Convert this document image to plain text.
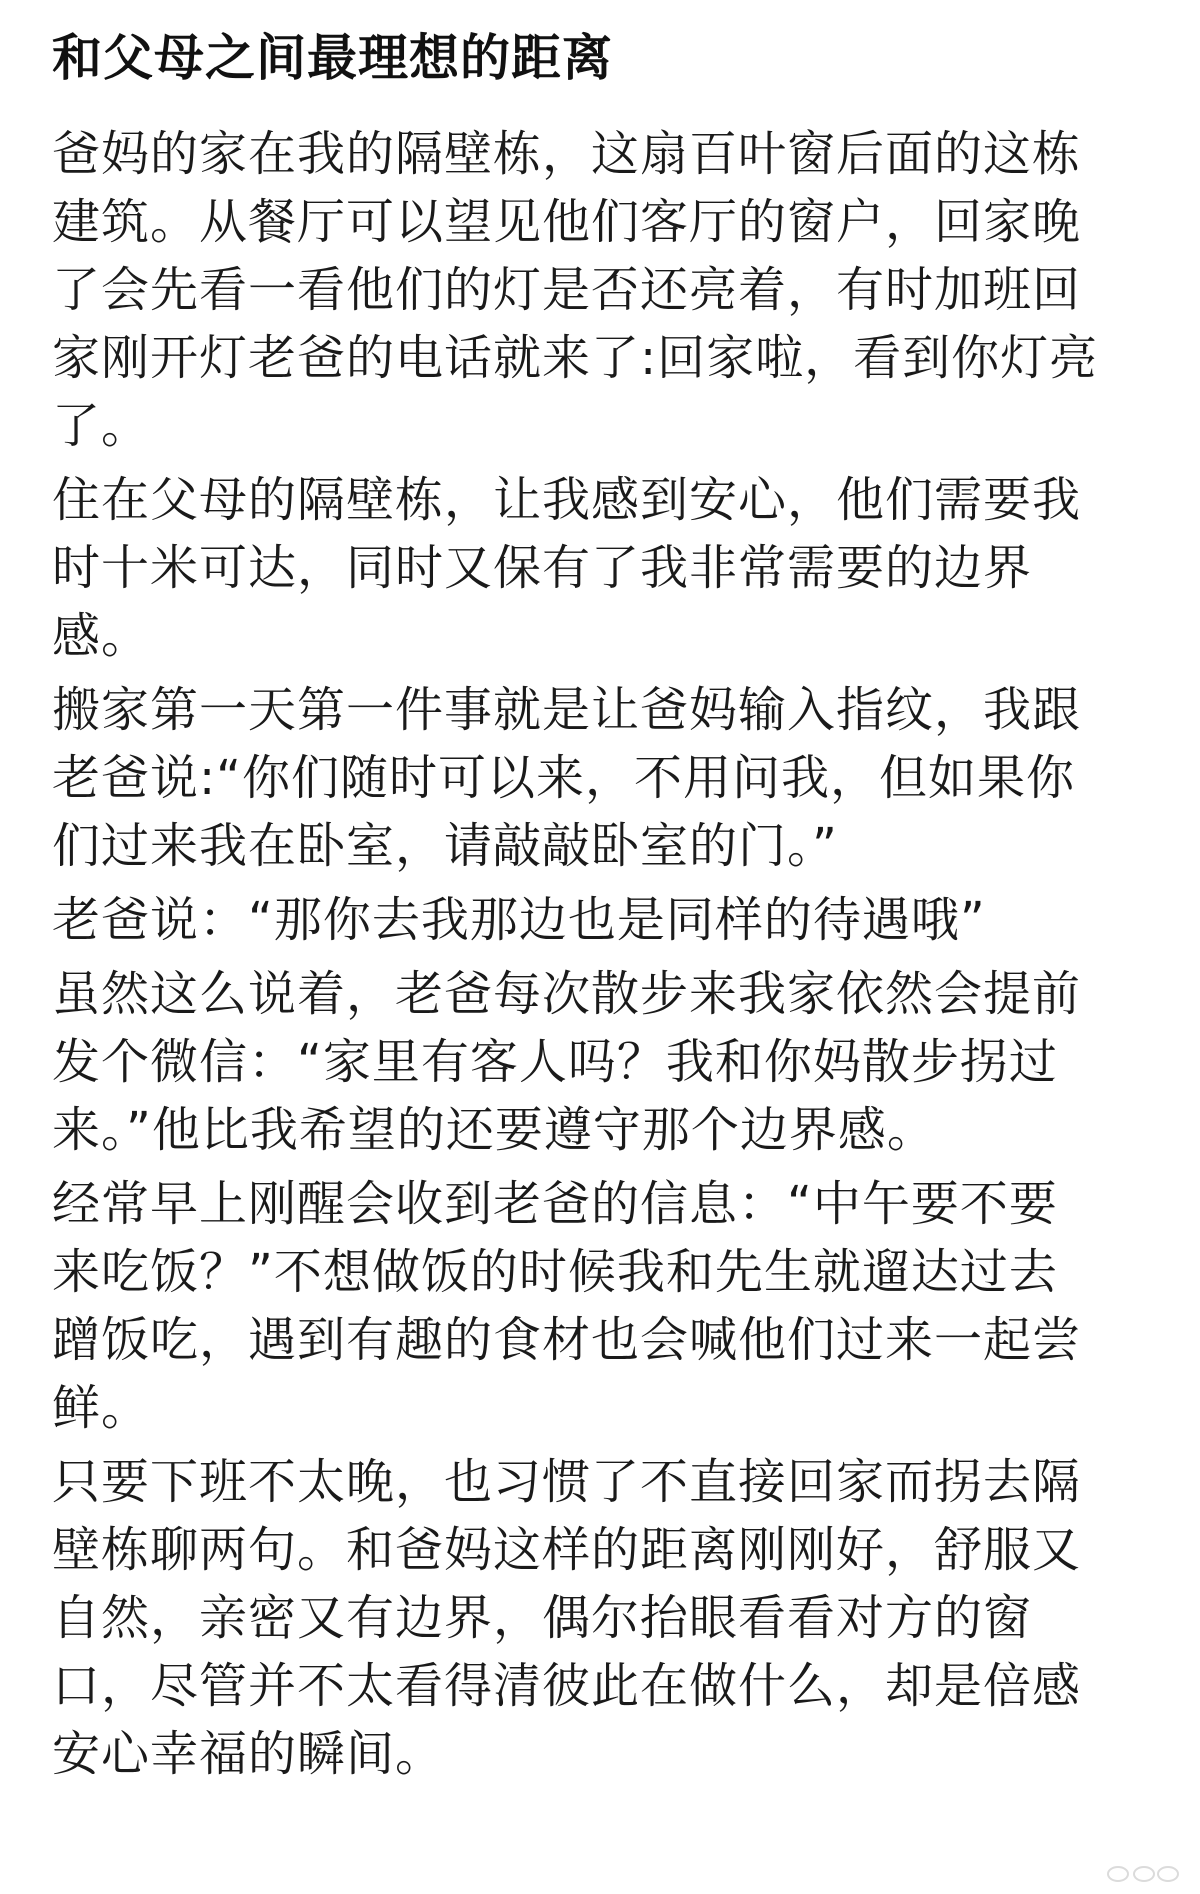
和父母之间最理想的距离

爸妈的家在我的隔壁栋，这扇百叶窗后面的这栋
建筑。从餐厅可以望见他们客厅的窗户，回家晚
了会先看一看他们的灯是否还亮着，有时加班回
家刚开灯老爸的电话就来了:回家啦，看到你灯亮
了。

住在父母的隔壁栋，让我感到安心，他们需要我
时十米可达，同时又保有了我非常需要的边界
感。

搬家第一天第一件事就是让爸妈输入指纹，我跟
老爸说:“你们随时可以来，不用问我，但如果你
们过来我在卧室，请敲敲卧室的门。”

老爸说：“那你去我那边也是同样的待遇哦”

虽然这么说着，老爸每次散步来我家依然会提前
发个微信：“家里有客人吗？我和你妈散步拐过
来。”他比我希望的还要遵守那个边界感。

经常早上刚醒会收到老爸的信息：“中午要不要
来吃饭？”不想做饭的时候我和先生就遛达过去
蹭饭吃，遇到有趣的食材也会喊他们过来一起尝
鲜。

只要下班不太晚，也习惯了不直接回家而拐去隔
壁栋聊两句。和爸妈这样的距离刚刚好，舒服又
自然，亲密又有边界，偶尔抬眼看看对方的窗
口，尽管并不太看得清彼此在做什么，却是倍感
安心幸福的瞬间。
